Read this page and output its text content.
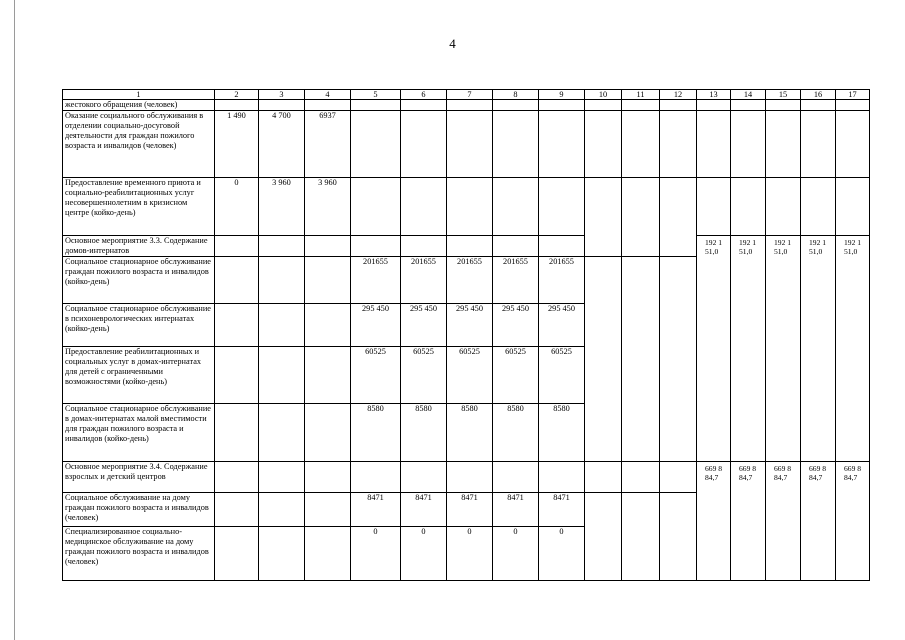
4
1	2	3	4	5	6	7	8	9	10	11	12	13	14	15	16	17
жестокого обращения (человек)																
Оказание социального обслуживания в отделении социально-досуговой деятельности для граждан пожилого возраста и инвалидов (человек)	1 490	4 700	6937													
Предоставление временного приюта и социально-реабилитационных услуг несовершеннолетним в кризисном центре (койко-день)	0	3 960	3 960													
Основное мероприятие 3.3. Содержание домов-интернатов												192 1 51,0	192 1 51,0	192 1 51,0	192 1 51,0	192 1 51,0
Социальное стационарное обслуживание граждан пожилого возраста и инвалидов (койко-день)				201655	201655	201655	201655	201655								
Социальное стационарное обслуживание в психоневрологических интернатах (койко-день)				295 450	295 450	295 450	295 450	295 450								
Предоставление реабилитационных и социальных услуг в домах-интернатах для детей с ограниченными возможностями (койко-день)				60525	60525	60525	60525	60525								
Социальное стационарное обслуживание в домах-интернатах малой вместимости для граждан пожилого возраста и инвалидов (койко-день)				8580	8580	8580	8580	8580								
Основное мероприятие 3.4. Содержание взрослых и детский центров												669 8 84,7	669 8 84,7	669 8 84,7	669 8 84,7	669 8 84,7
Социальное обслуживание на дому граждан пожилого возраста и инвалидов (человек)				8471	8471	8471	8471	8471								
Специализированное социально-медицинское обслуживание на дому граждан пожилого возраста и инвалидов (человек)				0	0	0	0	0								
